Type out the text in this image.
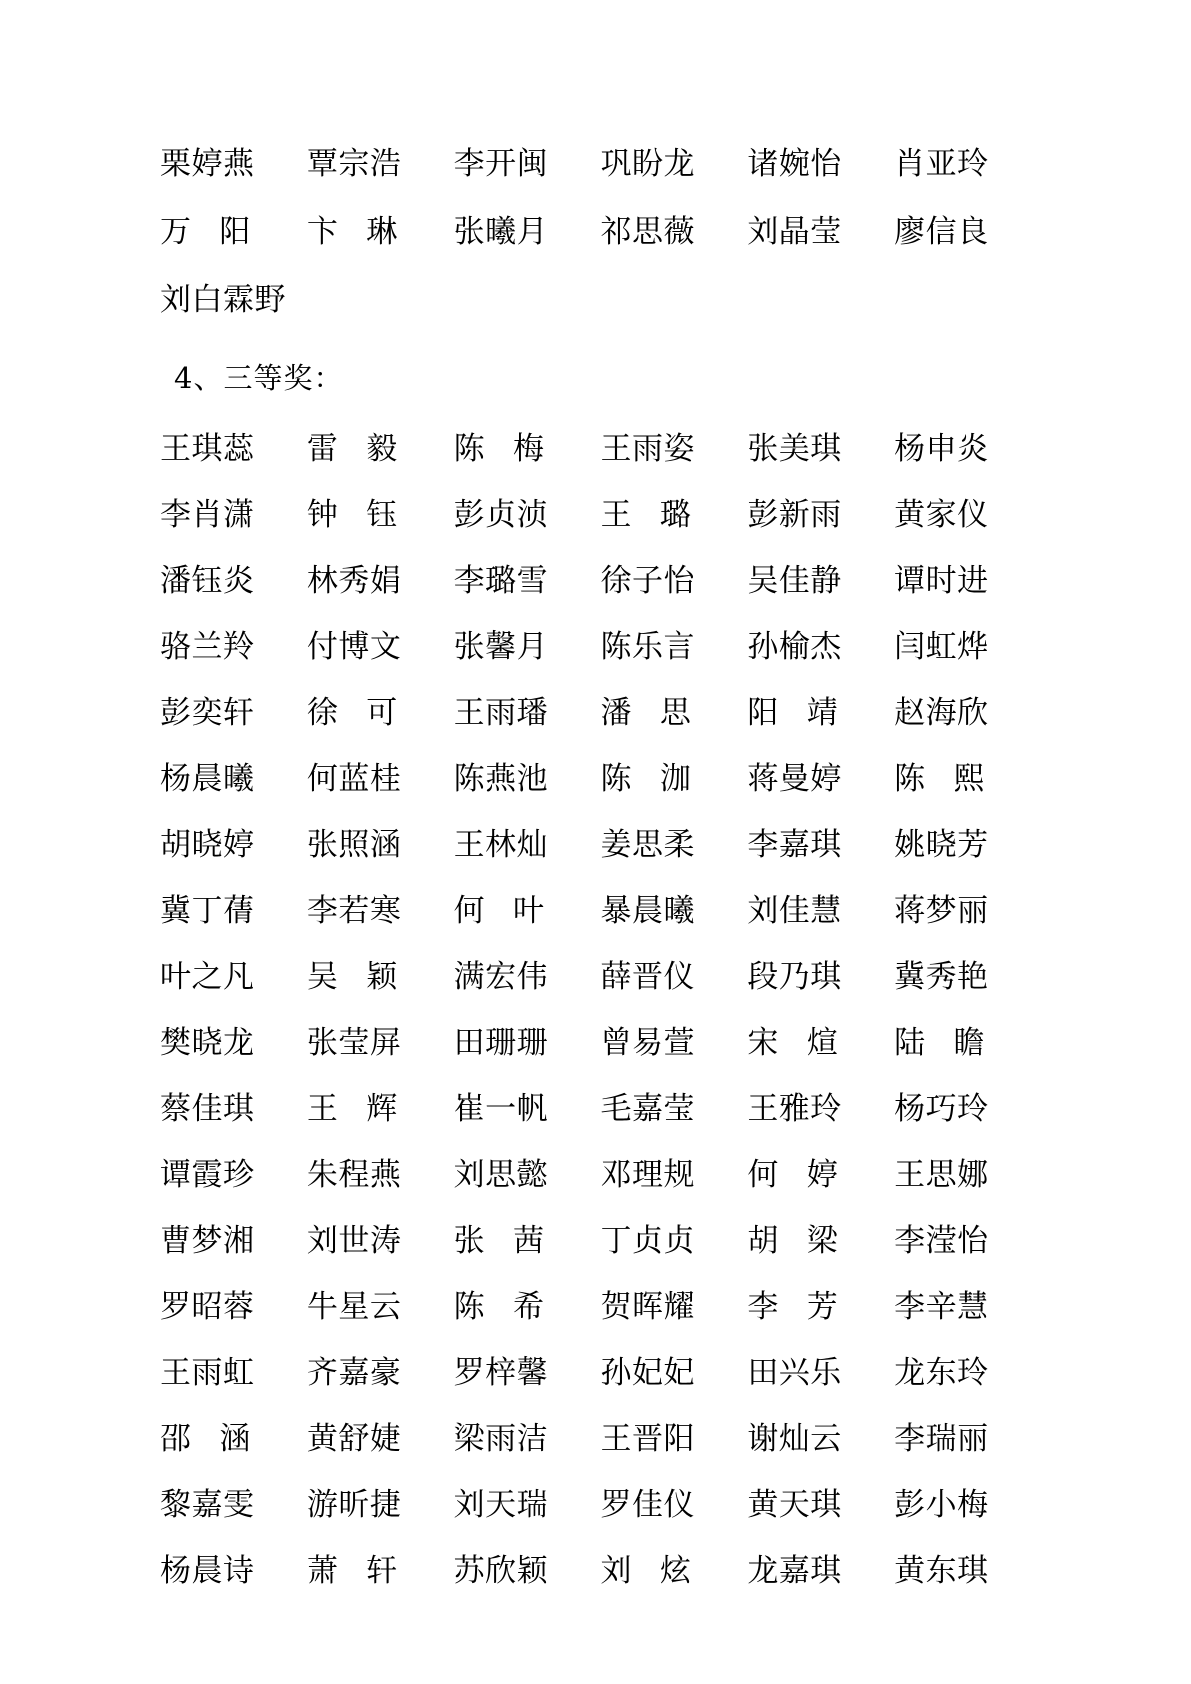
栗婷燕	覃宗浩	李开闽	巩盼龙	诸婉怡	肖亚玲
万 阳	卞 琳	张曦月	祁思薇	刘晶莹	廖信良
刘白霖野
4、三等奖：
王琪蕊	雷 毅	陈 梅	王雨姿	张美琪	杨申炎
李肖潇	钟 钰	彭贞浈	王 璐	彭新雨	黄家仪
潘钰炎	林秀娟	李璐雪	徐子怡	吴佳静	谭时进
骆兰羚	付博文	张馨月	陈乐言	孙榆杰	闫虹烨
彭奕轩	徐 可	王雨璠	潘 思	阳 靖	赵海欣
杨晨曦	何蓝桂	陈燕池	陈 泇	蒋曼婷	陈 熙
胡晓婷	张照涵	王林灿	姜思柔	李嘉琪	姚晓芳
冀丁蒨	李若寒	何 叶	暴晨曦	刘佳慧	蒋梦丽
叶之凡	吴 颖	满宏伟	薛晋仪	段乃琪	冀秀艳
樊晓龙	张莹屏	田珊珊	曾易萱	宋 煊	陆 瞻
蔡佳琪	王 辉	崔一帆	毛嘉莹	王雅玲	杨巧玲
谭霞珍	朱程燕	刘思懿	邓理规	何 婷	王思娜
曹梦湘	刘世涛	张 茜	丁贞贞	胡 梁	李滢怡
罗昭蓉	牛星云	陈 希	贺晖耀	李 芳	李辛慧
王雨虹	齐嘉豪	罗梓馨	孙妃妃	田兴乐	龙东玲
邵 涵	黄舒婕	梁雨洁	王晋阳	谢灿云	李瑞丽
黎嘉雯	游昕捷	刘天瑞	罗佳仪	黄天琪	彭小梅
杨晨诗	萧 轩	苏欣颖	刘 炫	龙嘉琪	黄东琪
